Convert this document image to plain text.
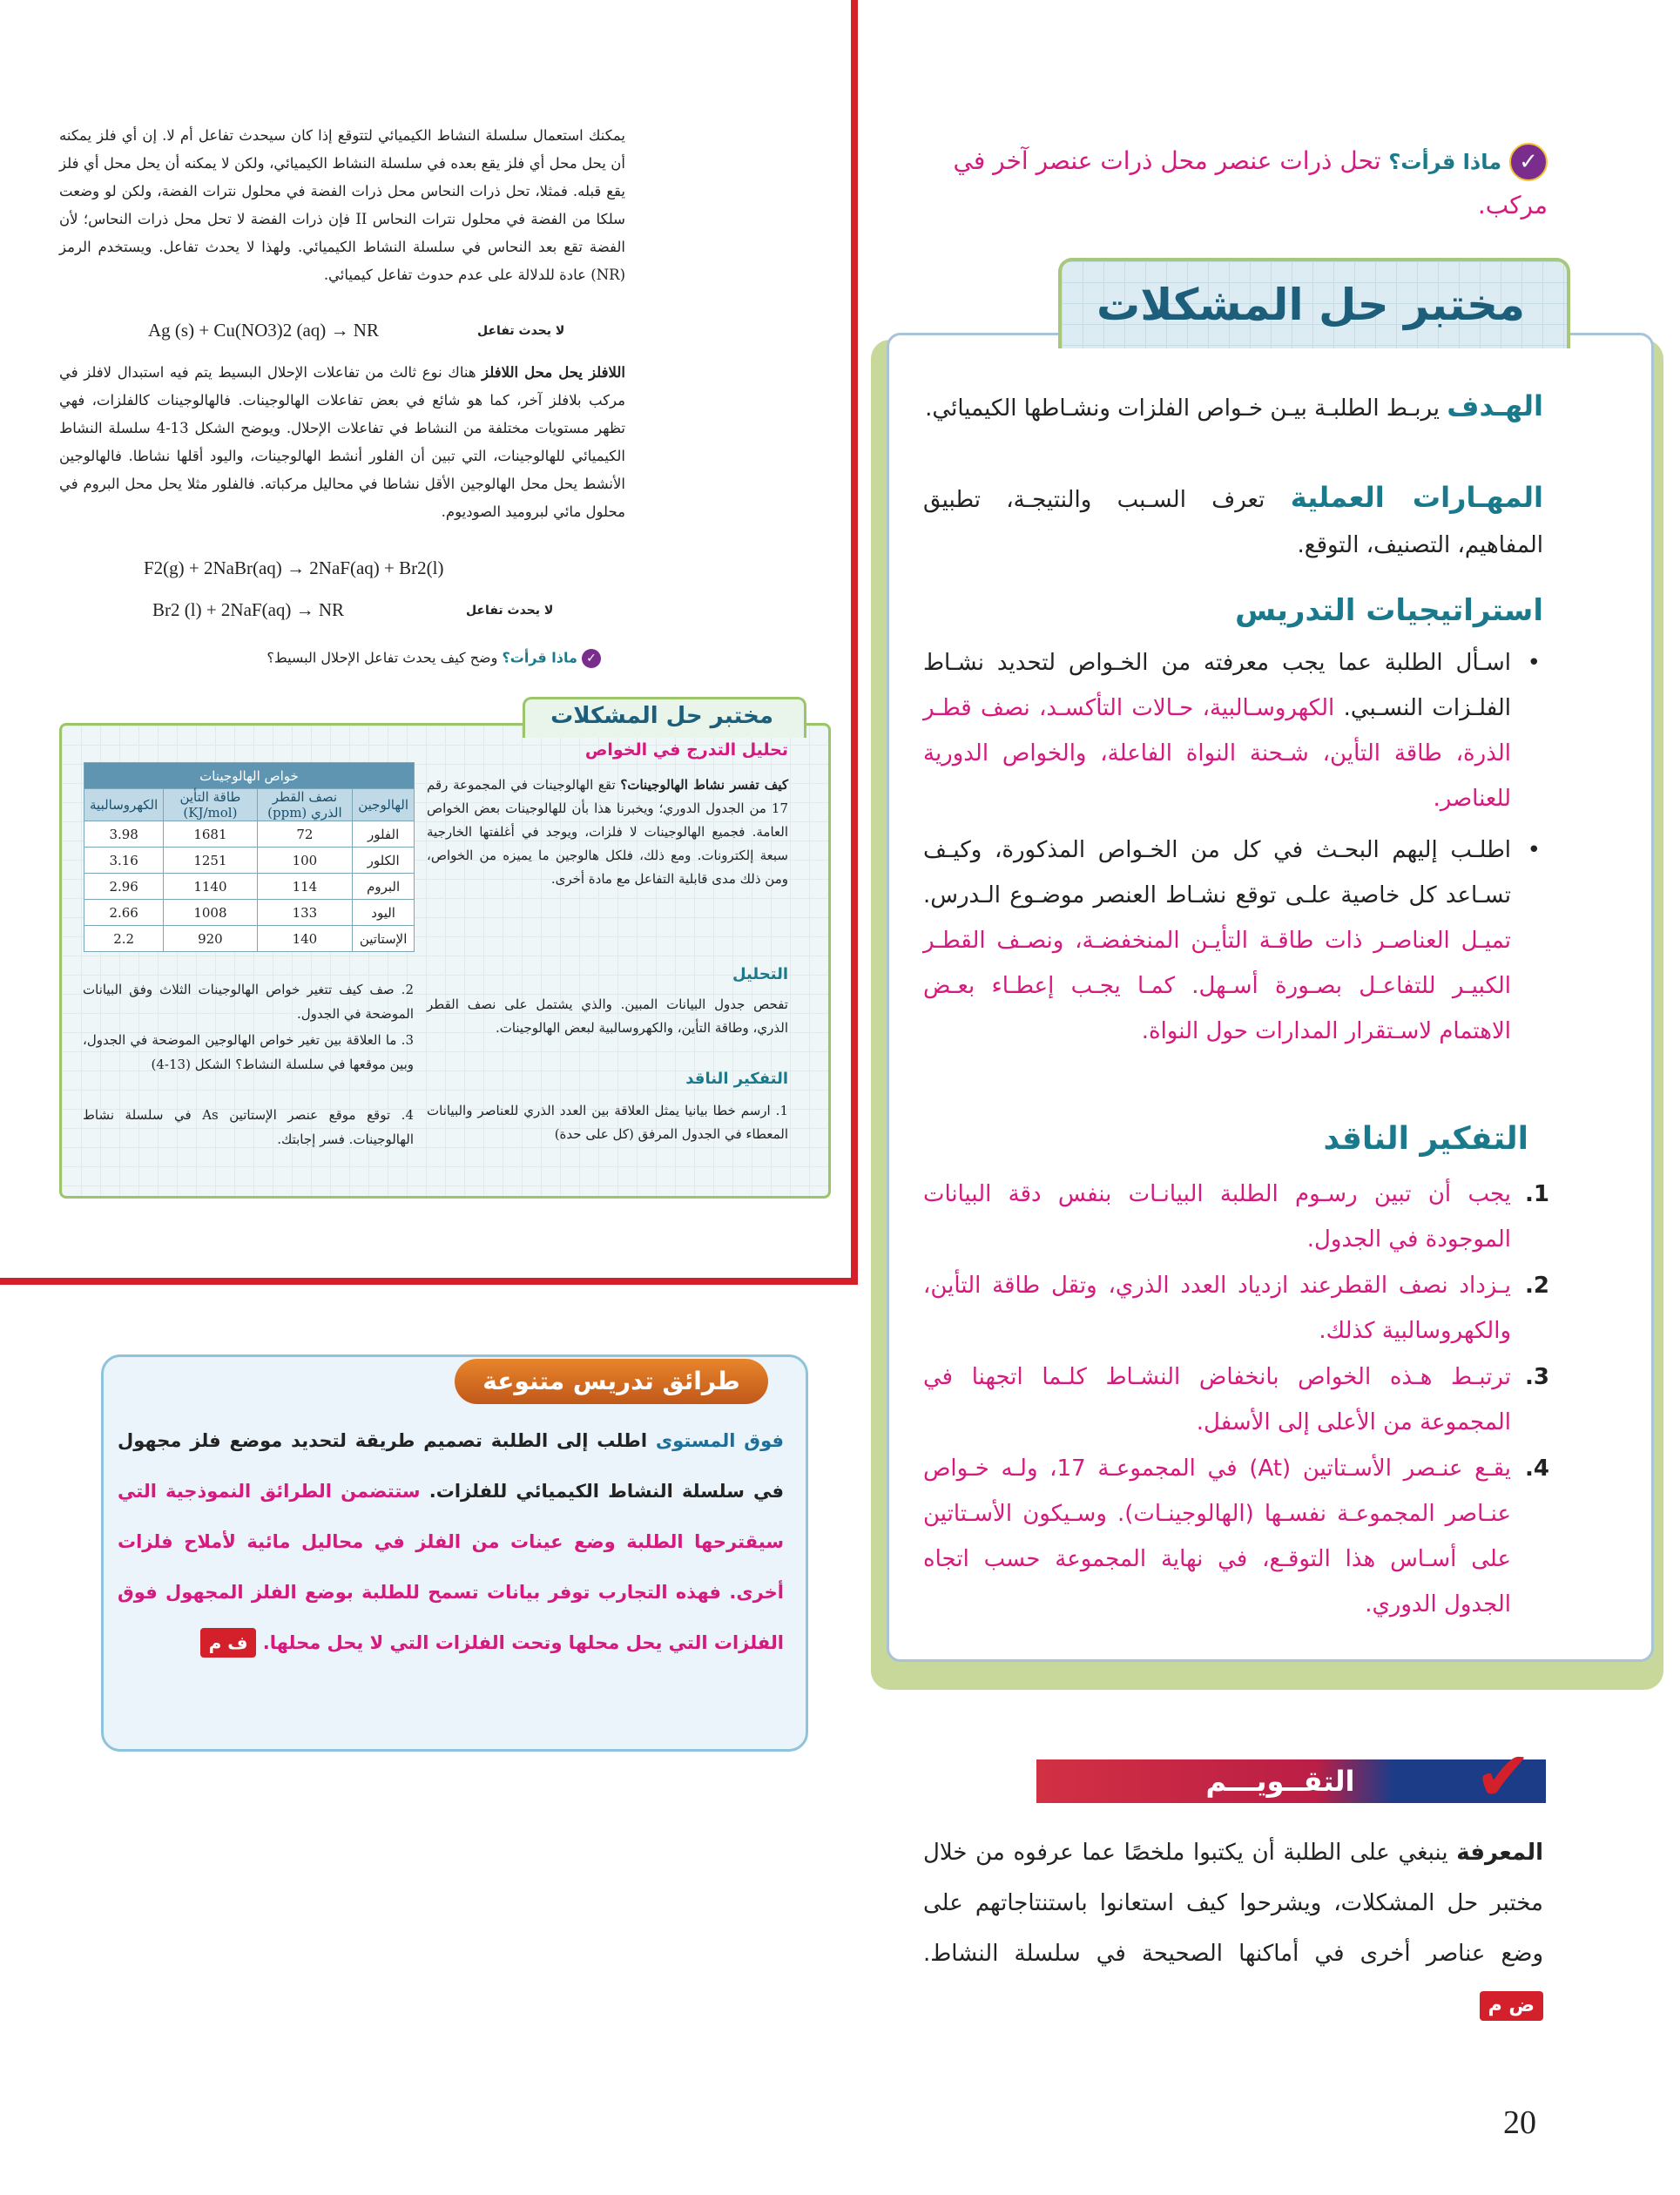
يمكنك استعمال سلسلة النشاط الكيميائي لتتوقع إذا كان سيحدث تفاعل أم لا. إن أي فلز يمكنه أن يحل محل أي فلز يقع بعده في سلسلة النشاط الكيميائي، ولكن لا يمكنه أن يحل محل أي فلز يقع قبله. فمثلا، تحل ذرات النحاس محل ذرات الفضة في محلول نترات الفضة، ولكن لو وضعت سلكا من الفضة في محلول نترات النحاس II فإن ذرات الفضة لا تحل محل ذرات النحاس؛ لأن الفضة تقع بعد النحاس في سلسلة النشاط الكيميائي. ولهذا لا يحدث تفاعل. ويستخدم الرمز (NR) عادة للدلالة على عدم حدوث تفاعل كيميائي.
Ag (s) + Cu(NO3)2 (aq) → NR	لا يحدث تفاعل
اللافلز يحل محل اللافلز هناك نوع ثالث من تفاعلات الإحلال البسيط يتم فيه استبدال لافلز في مركب بلافلز آخر، كما هو شائع في بعض تفاعلات الهالوجينات. فالهالوجينات كالفلزات، فهي تظهر مستويات مختلفة من النشاط في تفاعلات الإحلال. ويوضح الشكل 13-4 سلسلة النشاط الكيميائي للهالوجينات، التي تبين أن الفلور أنشط الهالوجينات، واليود أقلها نشاطا. فالهالوجين الأنشط يحل محل الهالوجين الأقل نشاطا في محاليل مركباته. فالفلور مثلا يحل محل البروم في محلول مائي لبروميد الصوديوم.
F2(g) + 2NaBr(aq) → 2NaF(aq) + Br2(l)
Br2 (l) + 2NaF(aq) → NR	لا يحدث تفاعل
✓ ماذا قرأت؟ وضح كيف يحدث تفاعل الإحلال البسيط؟
مختبر حل المشكلات
تحليل التدرج في الخواص
كيف تفسر نشاط الهالوجينات؟ تقع الهالوجينات في المجموعة رقم 17 من الجدول الدوري؛ ويخبرنا هذا بأن للهالوجينات بعض الخواص العامة. فجميع الهالوجينات لا فلزات، ويوجد في أغلفتها الخارجية سبعة إلكترونات. ومع ذلك، فلكل هالوجين ما يميزه من الخواص، ومن ذلك مدى قابلية التفاعل مع مادة أخرى.
التحليل
تفحص جدول البيانات المبين. والذي يشتمل على نصف القطر الذري، وطاقة التأين، والكهروسالبية لبعض الهالوجينات.
التفكير الناقد
1. ارسم خطا بيانيا يمثل العلاقة بين العدد الذري للعناصر والبيانات المعطاء في الجدول المرفق (كل على حدة)
2. صف كيف تتغير خواص الهالوجينات الثلاث وفق البيانات الموضحة في الجدول.
3. ما العلاقة بين تغير خواص الهالوجين الموضحة في الجدول، وبين موقعها في سلسلة النشاط؟ الشكل (13-4)
4. توقع موقع عنصر الإستاتين As في سلسلة نشاط الهالوجينات. فسر إجابتك.
خواص الهالوجينات			
الهالوجين	نصف القطر الذري (ppm)	طاقة التأين (KJ/mol)	الكهروسالبية
الفلور	72	1681	3.98
الكلور	100	1251	3.16
البروم	114	1140	2.96
اليود	133	1008	2.66
الإستاتين	140	920	2.2
✓ ماذا قرأت؟ تحل ذرات عنصر محل ذرات عنصر آخر في مركب.
مختبر حل المشكلات
الهـدف يربـط الطلبـة بيـن خـواص الفلزات ونشـاطها الكيميائي.
المهـارات العملية تعرف السـبب والنتيجـة، تطبيق المفاهيم، التصنيف، التوقع.
استراتيجيات التدريس
•
اسـأل الطلبة عما يجب معرفته من الخـواص لتحديد نشـاط الفلـزات النسـبي. الكهروسـالبية، حـالات التأكسـد، نصف قطـر الذرة، طاقة التأين، شـحنة النواة الفاعلة، والخواص الدورية للعناصر.
•
اطلـب إليهم البحـث في كل من الخـواص المذكورة، وكيـف تسـاعد كل خاصية علـى توقع نشـاط العنصر موضـوع الـدرس. تميـل العناصـر ذات طاقـة التأيـن المنخفضـة، ونصـف القطـر الكبيـر للتفاعـل بصـورة أسـهل. كمـا يجـب إعطـاء بعـض الاهتمام لاسـتقرار المدارات حول النواة.
التفكير الناقد
1.
يجب أن تبين رسـوم الطلبة البيانـات بنفس دقة البيانات الموجودة في الجدول.
2.
يـزداد نصف القطرعند ازدياد العدد الذري، وتقل طاقة التأين، والكهروسالبية كذلك.
3.
ترتبـط هـذه الخواص بانخفاض النشـاط كلـما اتجهنا في المجموعة من الأعلى إلى الأسفل.
4.
يقـع عنـصر الأسـتاتين (At) في المجموعـة 17، ولـه خـواص عنـاصر المجموعـة نفسـها (الهالوجينـات). وسـيكون الأسـتاتين على أسـاس هذا التوقـع، في نهاية المجموعة حسب اتجاه الجدول الدوري.
طرائق تدريس متنوعة
فوق المستوى اطلب إلى الطلبة تصميم طريقة لتحديد موضع فلز مجهول في سلسلة النشاط الكيميائي للفلزات. ستتضمن الطرائق النموذجية التي سيقترحها الطلبة وضع عينات من الفلز في محاليل مائية لأملاح فلزات أخرى. فهذه التجارب توفر بيانات تسمح للطلبة بوضع الفلز المجهول فوق الفلزات التي يحل محلها وتحت الفلزات التي لا يحل محلها. ف م
التقــويـــم	✔
المعرفة ينبغي على الطلبة أن يكتبوا ملخصًا عما عرفوه من خلال مختبر حل المشكلات، ويشرحوا كيف استعانوا باستنتاجاتهم على وضع عناصر أخرى في أماكنها الصحيحة في سلسلة النشاط. ض م
20
